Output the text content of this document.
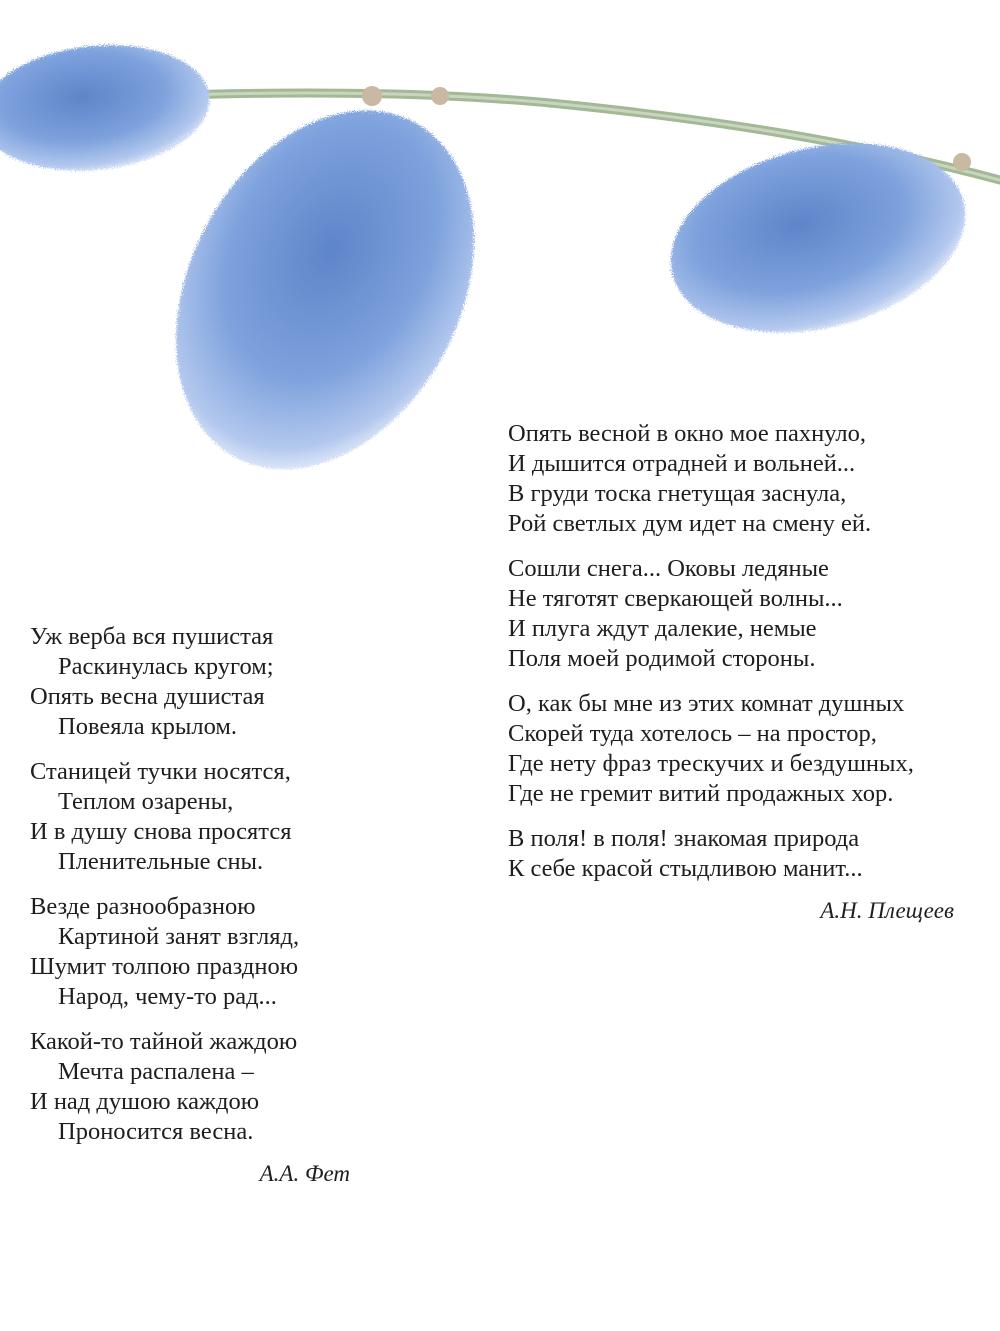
Уж верба вся пушистая
Раскинулась кругом;
Опять весна душистая
Повеяла крылом.
Станицей тучки носятся,
Теплом озарены,
И в душу снова просятся
Пленительные сны.
Везде разнообразною
Картиной занят взгляд,
Шумит толпою праздною
Народ, чему-то рад...
Какой-то тайной жаждою
Мечта распалена –
И над душою каждою
Проносится весна.
А.А. Фет
Опять весной в окно мое пахнуло,
И дышится отрадней и вольней...
В груди тоска гнетущая заснула,
Рой светлых дум идет на смену ей.
Сошли снега... Оковы ледяные
Не тяготят сверкающей волны...
И плуга ждут далекие, немые
Поля моей родимой стороны.
О, как бы мне из этих комнат душных
Скорей туда хотелось – на простор,
Где нету фраз трескучих и бездушных,
Где не гремит витий продажных хор.
В поля! в поля! знакомая природа
К себе красой стыдливою манит...
А.Н. Плещеев
